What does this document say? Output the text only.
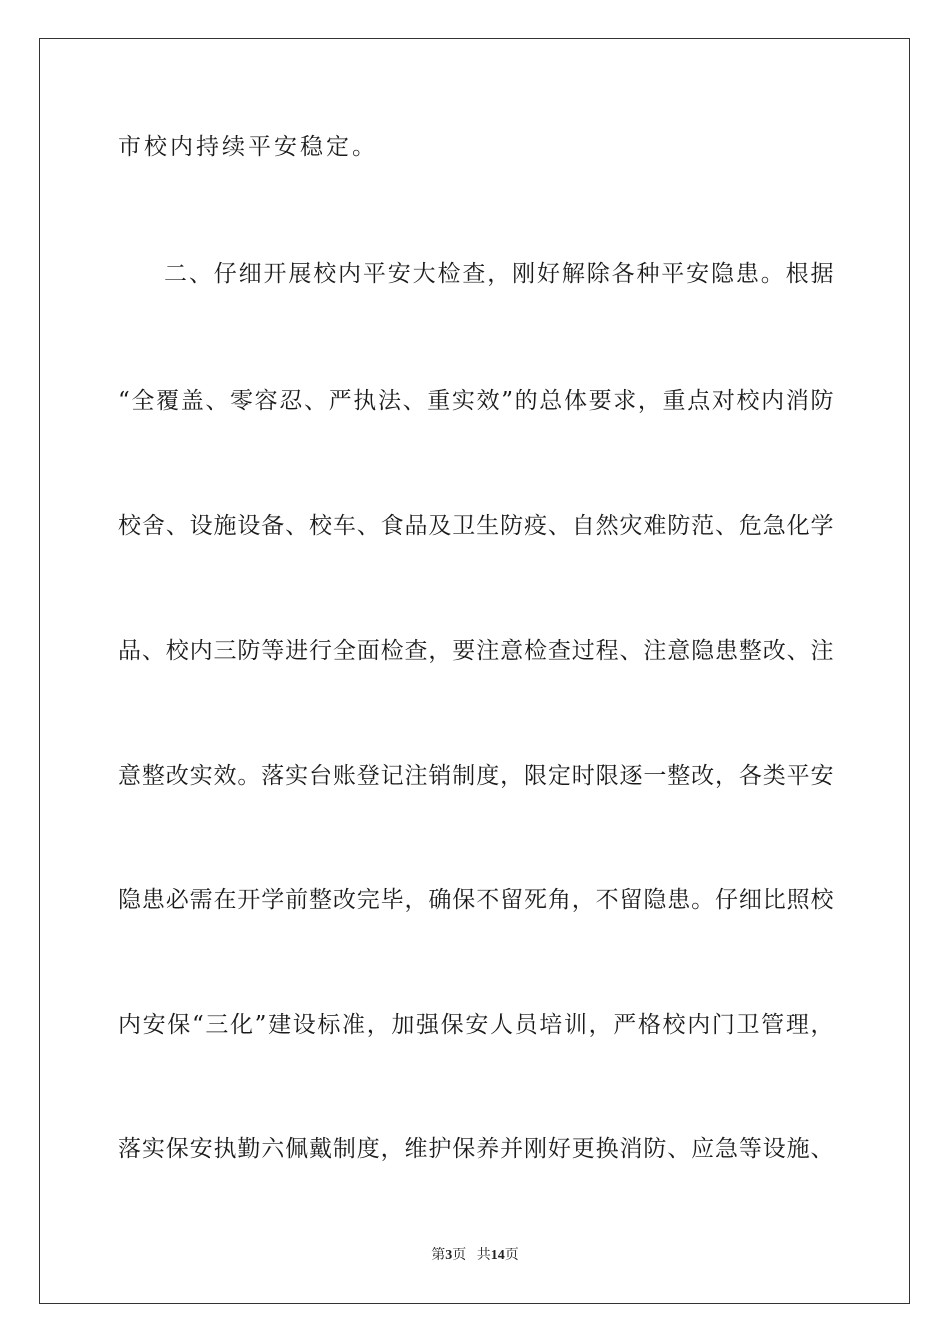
市校内持续平安稳定。
二、仔细开展校内平安大检查，刚好解除各种平安隐患。根据
“全覆盖、零容忍、严执法、重实效”的总体要求，重点对校内消防
校舍、设施设备、校车、食品及卫生防疫、自然灾难防范、危急化学
品、校内三防等进行全面检查，要注意检查过程、注意隐患整改、注
意整改实效。落实台账登记注销制度，限定时限逐一整改，各类平安
隐患必需在开学前整改完毕，确保不留死角，不留隐患。仔细比照校
内安保“三化”建设标准，加强保安人员培训，严格校内门卫管理，
落实保安执勤六佩戴制度，维护保养并刚好更换消防、应急等设施、
第3页 共14页
